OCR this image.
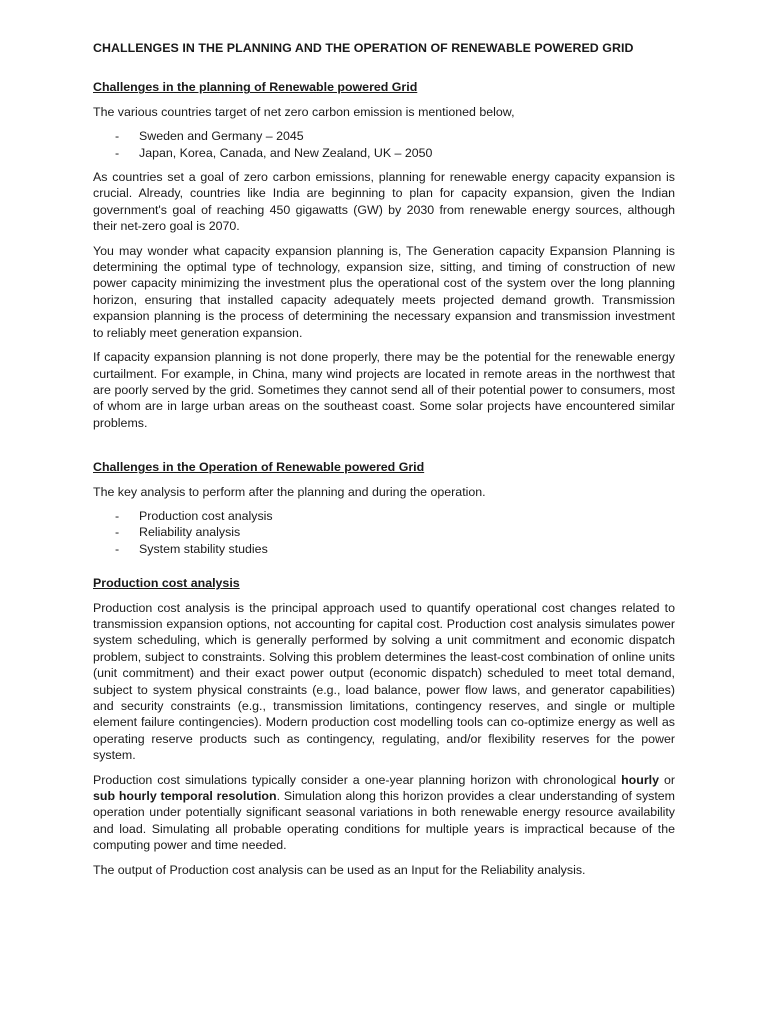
CHALLENGES IN THE PLANNING AND THE OPERATION OF RENEWABLE POWERED GRID
Challenges in the planning of Renewable powered Grid

The various countries target of net zero carbon emission is mentioned below,

- Sweden and Germany – 2045
- Japan, Korea, Canada, and New Zealand, UK – 2050

As countries set a goal of zero carbon emissions, planning for renewable energy capacity expansion is crucial. Already, countries like India are beginning to plan for capacity expansion, given the Indian government's goal of reaching 450 gigawatts (GW) by 2030 from renewable energy sources, although their net-zero goal is 2070.

You may wonder what capacity expansion planning is, The Generation capacity Expansion Planning is determining the optimal type of technology, expansion size, sitting, and timing of construction of new power capacity minimizing the investment plus the operational cost of the system over the long planning horizon, ensuring that installed capacity adequately meets projected demand growth. Transmission expansion planning is the process of determining the necessary expansion and transmission investment to reliably meet generation expansion.

If capacity expansion planning is not done properly, there may be the potential for the renewable energy curtailment. For example, in China, many wind projects are located in remote areas in the northwest that are poorly served by the grid. Sometimes they cannot send all of their potential power to consumers, most of whom are in large urban areas on the southeast coast. Some solar projects have encountered similar problems.

Challenges in the Operation of Renewable powered Grid

The key analysis to perform after the planning and during the operation.

- Production cost analysis
- Reliability analysis
- System stability studies
Production cost analysis

Production cost analysis is the principal approach used to quantify operational cost changes related to transmission expansion options, not accounting for capital cost. Production cost analysis simulates power system scheduling, which is generally performed by solving a unit commitment and economic dispatch problem, subject to constraints. Solving this problem determines the least-cost combination of online units (unit commitment) and their exact power output (economic dispatch) scheduled to meet total demand, subject to system physical constraints (e.g., load balance, power flow laws, and generator capabilities) and security constraints (e.g., transmission limitations, contingency reserves, and single or multiple element failure contingencies). Modern production cost modelling tools can co-optimize energy as well as operating reserve products such as contingency, regulating, and/or flexibility reserves for the power system.

Production cost simulations typically consider a one-year planning horizon with chronological hourly or sub hourly temporal resolution. Simulation along this horizon provides a clear understanding of system operation under potentially significant seasonal variations in both renewable energy resource availability and load. Simulating all probable operating conditions for multiple years is impractical because of the computing power and time needed.

The output of Production cost analysis can be used as an Input for the Reliability analysis.
